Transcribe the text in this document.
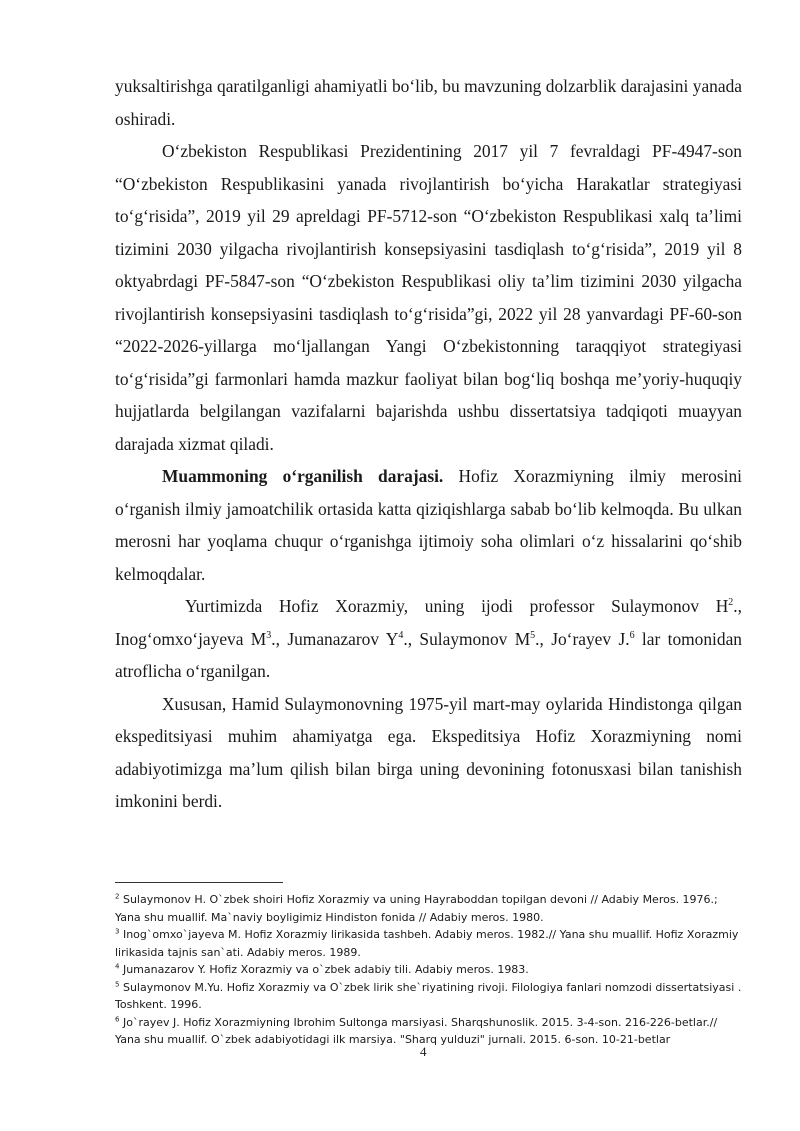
yuksaltirishga qaratilganligi ahamiyatli bo‘lib, bu mavzuning dolzarblik darajasini yanada oshiradi.

O‘zbekiston Respublikasi Prezidentining 2017 yil 7 fevraldagi PF-4947-son “O‘zbekiston Respublikasini yanada rivojlantirish bo‘yicha Harakatlar strategiyasi to‘g‘risida”, 2019 yil 29 apreldagi PF-5712-son “O‘zbekiston Respublikasi xalq ta’limi tizimini 2030 yilgacha rivojlantirish konsepsiyasini tasdiqlash to‘g‘risida”, 2019 yil 8 oktyabrdagi PF-5847-son “O‘zbekiston Respublikasi oliy ta’lim tizimini 2030 yilgacha rivojlantirish konsepsiyasini tasdiqlash to‘g‘risida”gi, 2022 yil 28 yanvardagi PF-60-son “2022-2026-yillarga mo‘ljallangan Yangi O‘zbekistonning taraqqiyot strategiyasi to‘g‘risida”gi farmonlari hamda mazkur faoliyat bilan bog‘liq boshqa me’yoriy-huquqiy hujjatlarda belgilangan vazifalarni bajarishda ushbu dissertatsiya tadqiqoti muayyan darajada xizmat qiladi.

Muammoning o‘rganilish darajasi. Hofiz Xorazmiyning ilmiy merosini o‘rganish ilmiy jamoatchilik ortasida katta qiziqishlarga sabab bo‘lib kelmoqda. Bu ulkan merosni har yoqlama chuqur o‘rganishga ijtimoiy soha olimlari o‘z hissalarini qo‘shib kelmoqdalar.

Yurtimizda Hofiz Xorazmiy, uning ijodi professor Sulaymonov $H^2$., Inog‘omxo‘jayeva $M^3$., Jumanazarov $Y^4$., Sulaymonov $M^5$., Jo‘rayev J.$^6$ lar tomonidan atroflicha o‘rganilgan.

Xususan, Hamid Sulaymonovning 1975-yil mart-may oylarida Hindistonga qilgan ekspeditsiyasi muhim ahamiyatga ega. Ekspeditsiya Hofiz Xorazmiyning nomi adabiyotimizga ma’lum qilish bilan birga uning devonining fotonusxasi bilan tanishish imkonini berdi.

$^2$ Sulaymonov H. O`zbek shoiri Hofiz Xorazmiy va uning Hayraboddan topilgan devoni // Adabiy Meros. 1976.; Yana shu muallif. Ma`naviy boyligimiz Hindiston fonida // Adabiy meros. 1980.

$^3$ Inog`omxo`jayeva M. Hofiz Xorazmiy lirikasida tashbeh. Adabiy meros. 1982.// Yana shu muallif. Hofiz Xorazmiy lirikasida tajnis san`ati. Adabiy meros. 1989.

$^4$ Jumanazarov Y. Hofiz Xorazmiy va o`zbek adabiy tili. Adabiy meros. 1983.

$^5$ Sulaymonov M.Yu. Hofiz Xorazmiy va O`zbek lirik she`riyatining rivoji. Filologiya fanlari nomzodi dissertatsiyasi . Toshkent. 1996.

$^6$ Jo`rayev J. Hofiz Xorazmiyning Ibrohim Sultonga marsiyasi. Sharqshunoslik. 2015. 3-4-son. 216-226-betlar.// Yana shu muallif. O`zbek adabiyotidagi ilk marsiya. "Sharq yulduzi" jurnali. 2015. 6-son. 10-21-betlar

4
